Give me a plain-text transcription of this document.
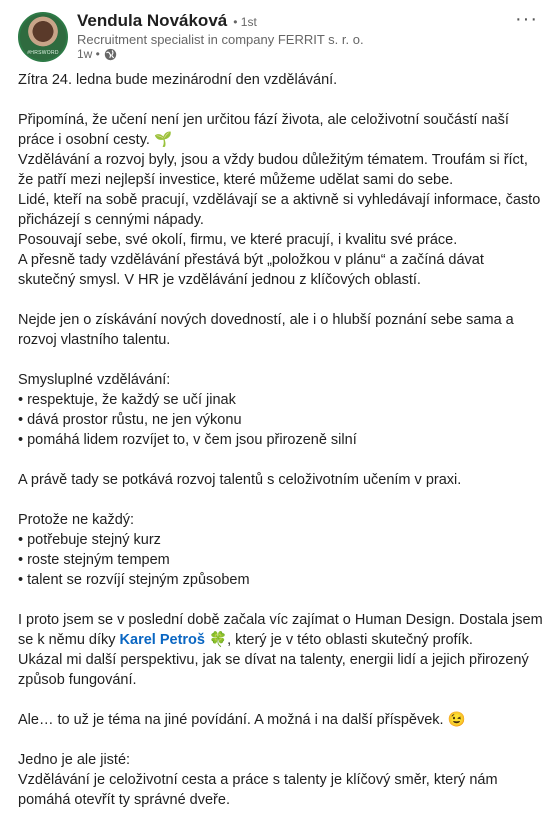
#HRSWORD
Vendula Nováková • 1st
Recruitment specialist in company FERRIT s. r. o.
1w •
···

Zítra 24. ledna bude mezinárodní den vzdělávání.

Připomíná, že učení není jen určitou fází života, ale celoživotní součástí naší

práce i osobní cesty. 🌱

Vzdělávání a rozvoj byly, jsou a vždy budou důležitým tématem. Troufám si říct,

že patří mezi nejlepší investice, které můžeme udělat sami do sebe.

Lidé, kteří na sobě pracují, vzdělávají se a aktivně si vyhledávají informace, často

přicházejí s cennými nápady.

Posouvají sebe, své okolí, firmu, ve které pracují, i kvalitu své práce.

A přesně tady vzdělávání přestává být „položkou v plánu“ a začíná dávat

skutečný smysl. V HR je vzdělávání jednou z klíčových oblastí.

Nejde jen o získávání nových dovedností, ale i o hlubší poznání sebe sama a

rozvoj vlastního talentu.

Smysluplné vzdělávání:

• respektuje, že každý se učí jinak

• dává prostor růstu, ne jen výkonu

• pomáhá lidem rozvíjet to, v čem jsou přirozeně silní

A právě tady se potkává rozvoj talentů s celoživotním učením v praxi.

Protože ne každý:

• potřebuje stejný kurz

• roste stejným tempem

• talent se rozvíjí stejným způsobem

I proto jsem se v poslední době začala víc zajímat o Human Design. Dostala jsem

se k němu díky Karel Petroš 🍀, který je v této oblasti skutečný profík.

Ukázal mi další perspektivu, jak se dívat na talenty, energii lidí a jejich přirozený

způsob fungování.

Ale… to už je téma na jiné povídání. A možná i na další příspěvek. 😉

Jedno je ale jisté:

Vzdělávání je celoživotní cesta a práce s talenty je klíčový směr, který nám

pomáhá otevřít ty správné dveře.
